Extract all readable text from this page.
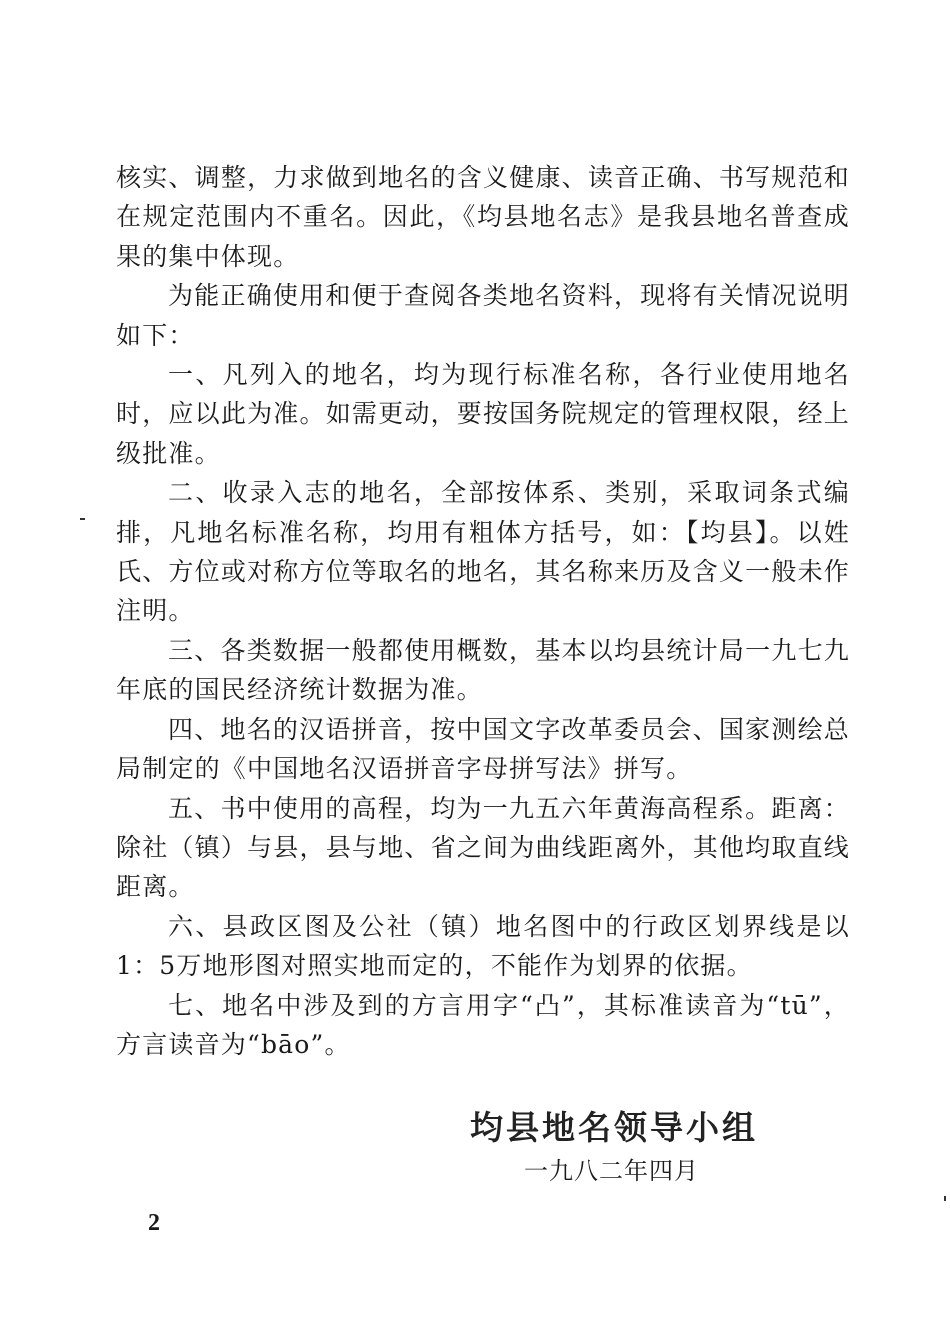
核实、调整，力求做到地名的含义健康、读音正确、书写规范和在规定范围内不重名。因此，《均县地名志》是我县地名普查成果的集中体现。

为能正确使用和便于查阅各类地名资料，现将有关情况说明如下：

一、凡列入的地名，均为现行标准名称，各行业使用地名时，应以此为准。如需更动，要按国务院规定的管理权限，经上级批准。

二、收录入志的地名，全部按体系、类别，采取词条式编排，凡地名标准名称，均用有粗体方括号，如：【均县】。以姓氏、方位或对称方位等取名的地名，其名称来历及含义一般未作注明。

三、各类数据一般都使用概数，基本以均县统计局一九七九年底的国民经济统计数据为准。

四、地名的汉语拼音，按中国文字改革委员会、国家测绘总局制定的《中国地名汉语拼音字母拼写法》拼写。

五、书中使用的高程，均为一九五六年黄海高程系。距离：除社（镇）与县，县与地、省之间为曲线距离外，其他均取直线距离。

六、县政区图及公社（镇）地名图中的行政区划界线是以1：5万地形图对照实地而定的，不能作为划界的依据。

七、地名中涉及到的方言用字“凸”，其标准读音为“tū”，方言读音为“bāo”。

均县地名领导小组
一九八二年四月
2
